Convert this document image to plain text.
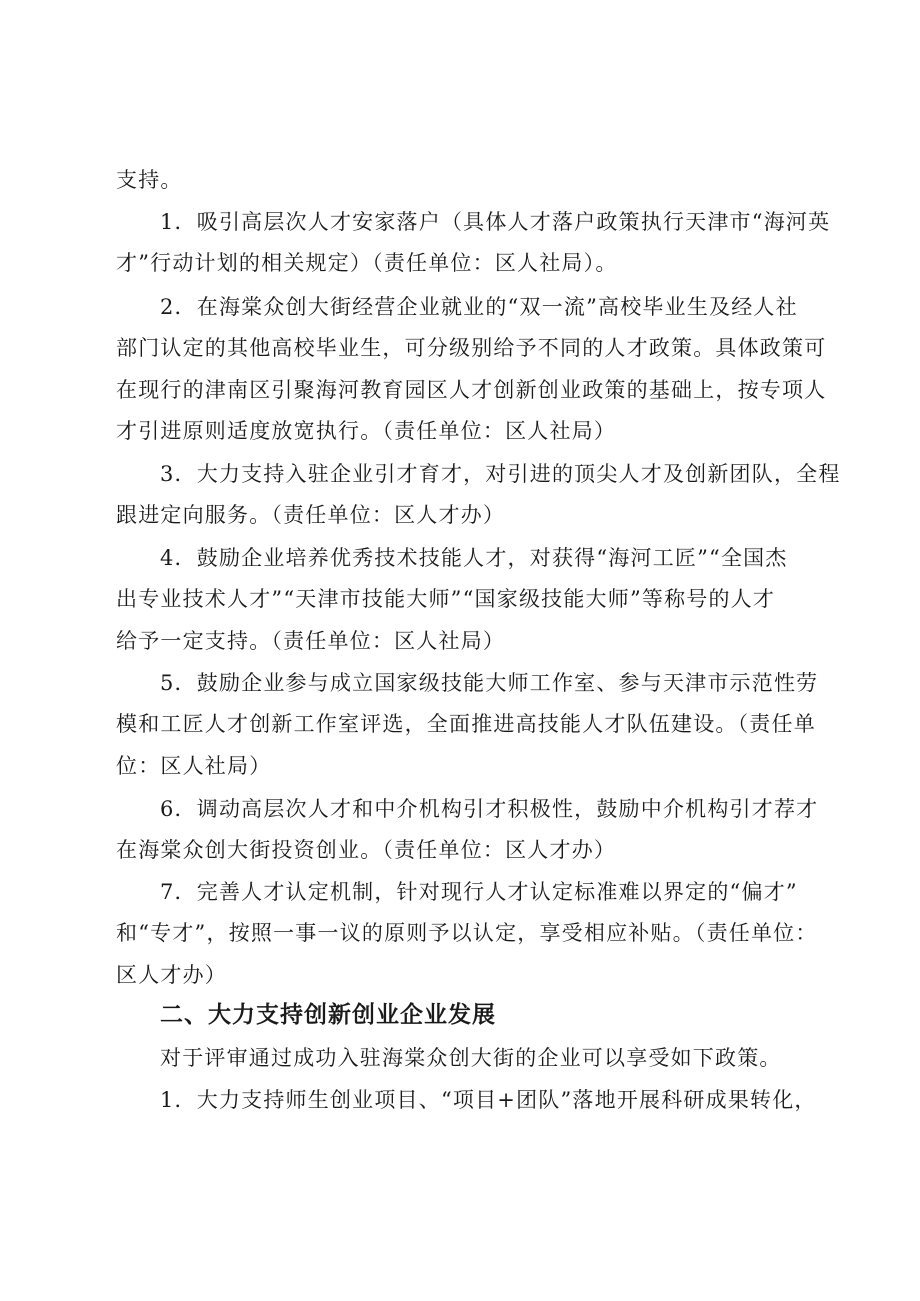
支持。
1．吸引高层次人才安家落户（具体人才落户政策执行天津市“海河英
才”行动计划的相关规定）（责任单位：区人社局）。
2．在海棠众创大街经营企业就业的“双一流”高校毕业生及经人社
部门认定的其他高校毕业生，可分级别给予不同的人才政策。具体政策可
在现行的津南区引聚海河教育园区人才创新创业政策的基础上，按专项人
才引进原则适度放宽执行。（责任单位：区人社局）
3．大力支持入驻企业引才育才，对引进的顶尖人才及创新团队，全程
跟进定向服务。（责任单位：区人才办）
4．鼓励企业培养优秀技术技能人才，对获得“海河工匠”“全国杰
出专业技术人才”“天津市技能大师”“国家级技能大师”等称号的人才
给予一定支持。（责任单位：区人社局）
5．鼓励企业参与成立国家级技能大师工作室、参与天津市示范性劳
模和工匠人才创新工作室评选，全面推进高技能人才队伍建设。（责任单
位：区人社局）
6．调动高层次人才和中介机构引才积极性，鼓励中介机构引才荐才
在海棠众创大街投资创业。（责任单位：区人才办）
7．完善人才认定机制，针对现行人才认定标准难以界定的“偏才”
和“专才”，按照一事一议的原则予以认定，享受相应补贴。（责任单位：
区人才办）
二、大力支持创新创业企业发展
对于评审通过成功入驻海棠众创大街的企业可以享受如下政策。
1．大力支持师生创业项目、“项目+团队”落地开展科研成果转化，
